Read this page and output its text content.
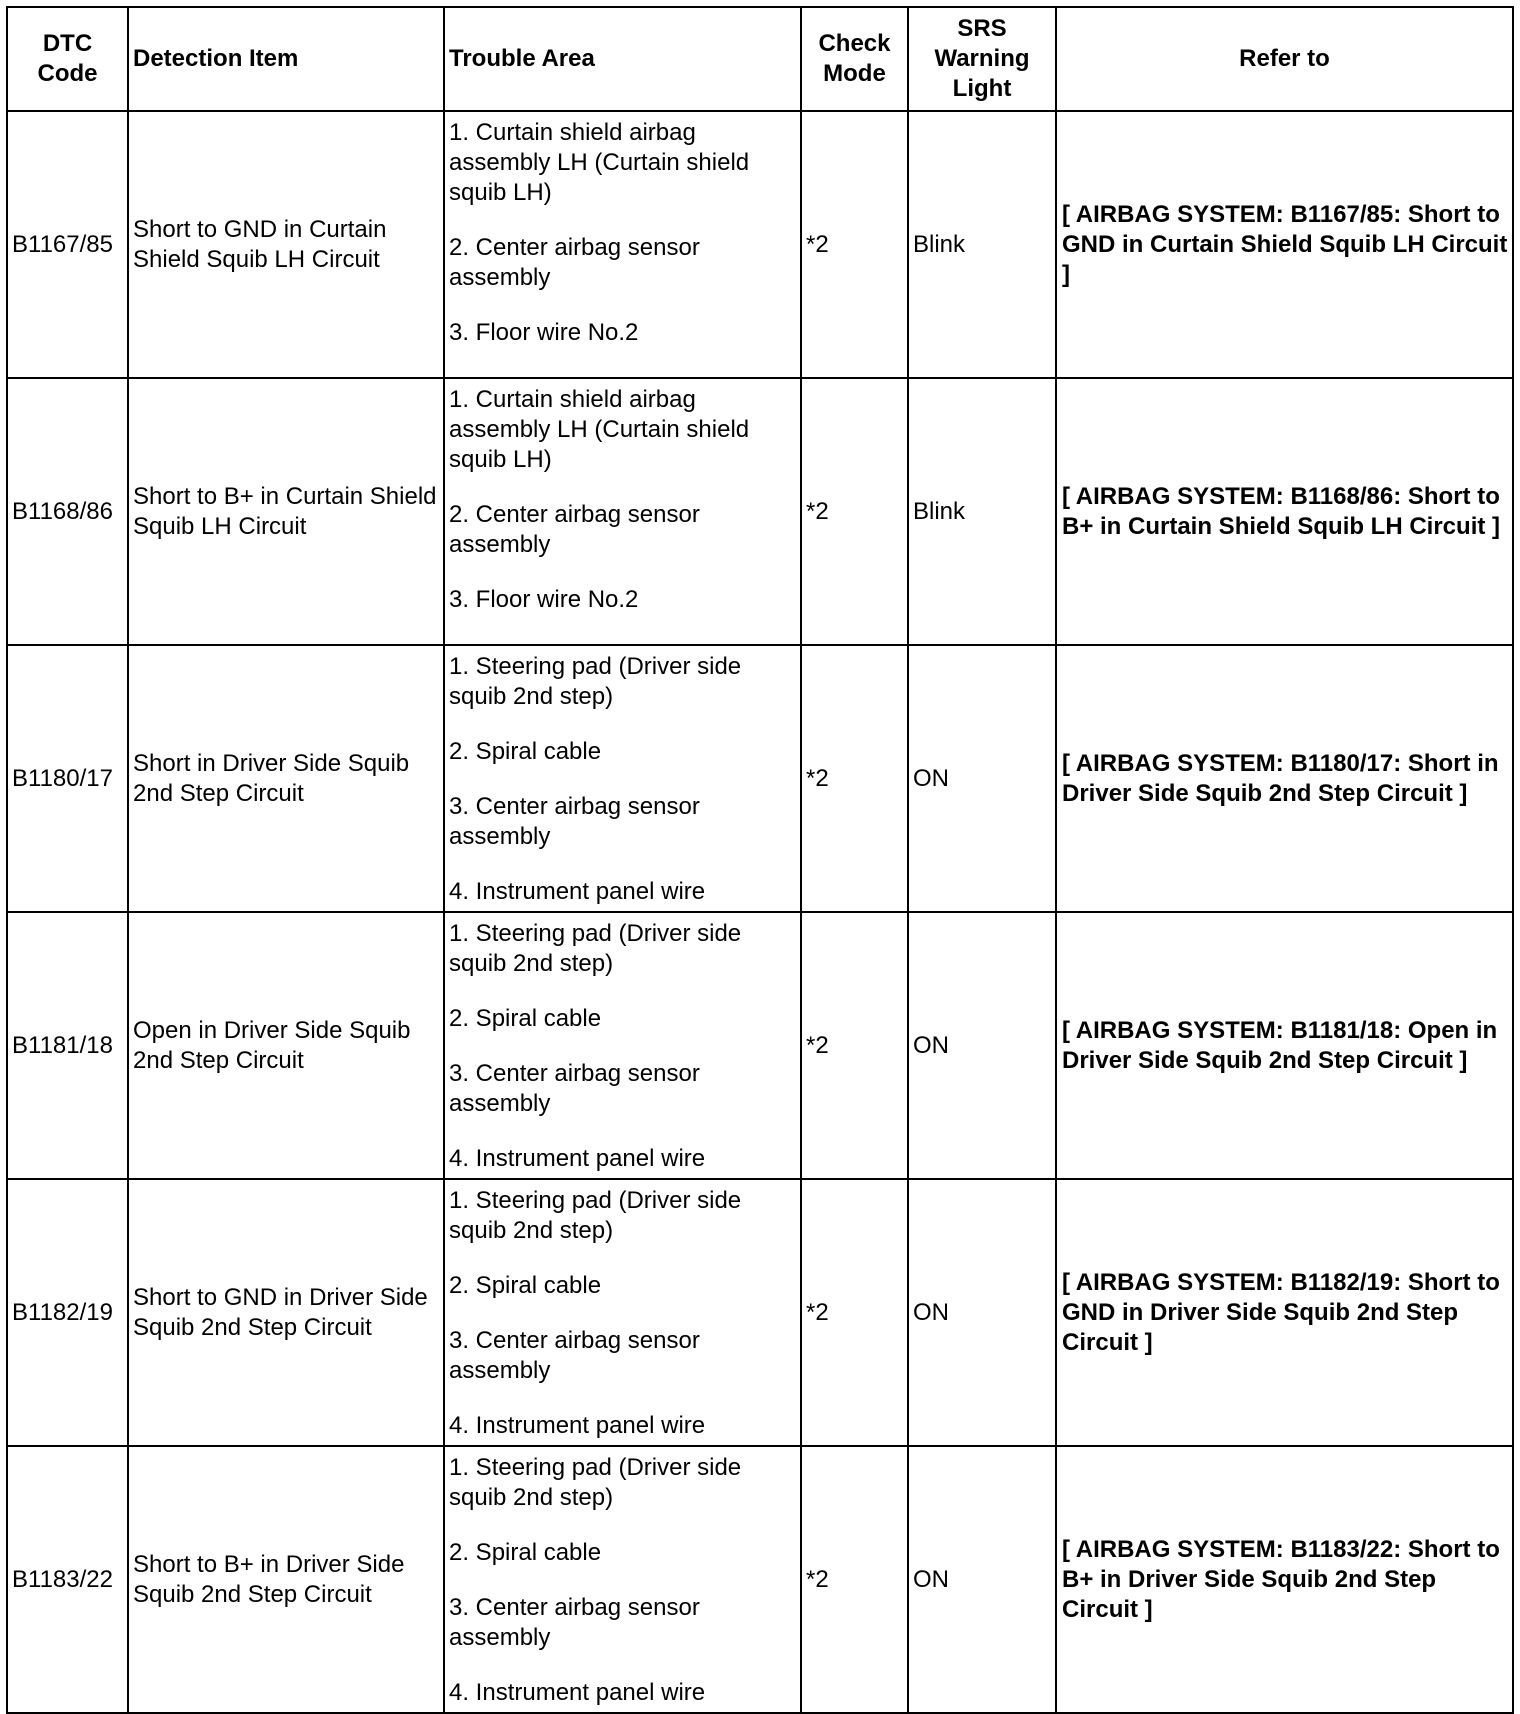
DTC Code	Detection Item	Trouble Area	Check Mode	SRS Warning Light	Refer to
B1167/85	Short to GND in Curtain Shield Squib LH Circuit	1. Curtain shield airbag assembly LH (Curtain shield squib LH)
2. Center airbag sensor assembly
3. Floor wire No.2	*2	Blink	[ AIRBAG SYSTEM: B1167/85: Short to GND in Curtain Shield Squib LH Circuit ]
B1168/86	Short to B+ in Curtain Shield Squib LH Circuit	1. Curtain shield airbag assembly LH (Curtain shield squib LH)
2. Center airbag sensor assembly
3. Floor wire No.2	*2	Blink	[ AIRBAG SYSTEM: B1168/86: Short to B+ in Curtain Shield Squib LH Circuit ]
B1180/17	Short in Driver Side Squib 2nd Step Circuit	1. Steering pad (Driver side squib 2nd step)
2. Spiral cable
3. Center airbag sensor assembly
4. Instrument panel wire	*2	ON	[ AIRBAG SYSTEM: B1180/17: Short in Driver Side Squib 2nd Step Circuit ]
B1181/18	Open in Driver Side Squib 2nd Step Circuit	1. Steering pad (Driver side squib 2nd step)
2. Spiral cable
3. Center airbag sensor assembly
4. Instrument panel wire	*2	ON	[ AIRBAG SYSTEM: B1181/18: Open in Driver Side Squib 2nd Step Circuit ]
B1182/19	Short to GND in Driver Side Squib 2nd Step Circuit	1. Steering pad (Driver side squib 2nd step)
2. Spiral cable
3. Center airbag sensor assembly
4. Instrument panel wire	*2	ON	[ AIRBAG SYSTEM: B1182/19: Short to GND in Driver Side Squib 2nd Step Circuit ]
B1183/22	Short to B+ in Driver Side Squib 2nd Step Circuit	1. Steering pad (Driver side squib 2nd step)
2. Spiral cable
3. Center airbag sensor assembly
4. Instrument panel wire	*2	ON	[ AIRBAG SYSTEM: B1183/22: Short to B+ in Driver Side Squib 2nd Step Circuit ]
